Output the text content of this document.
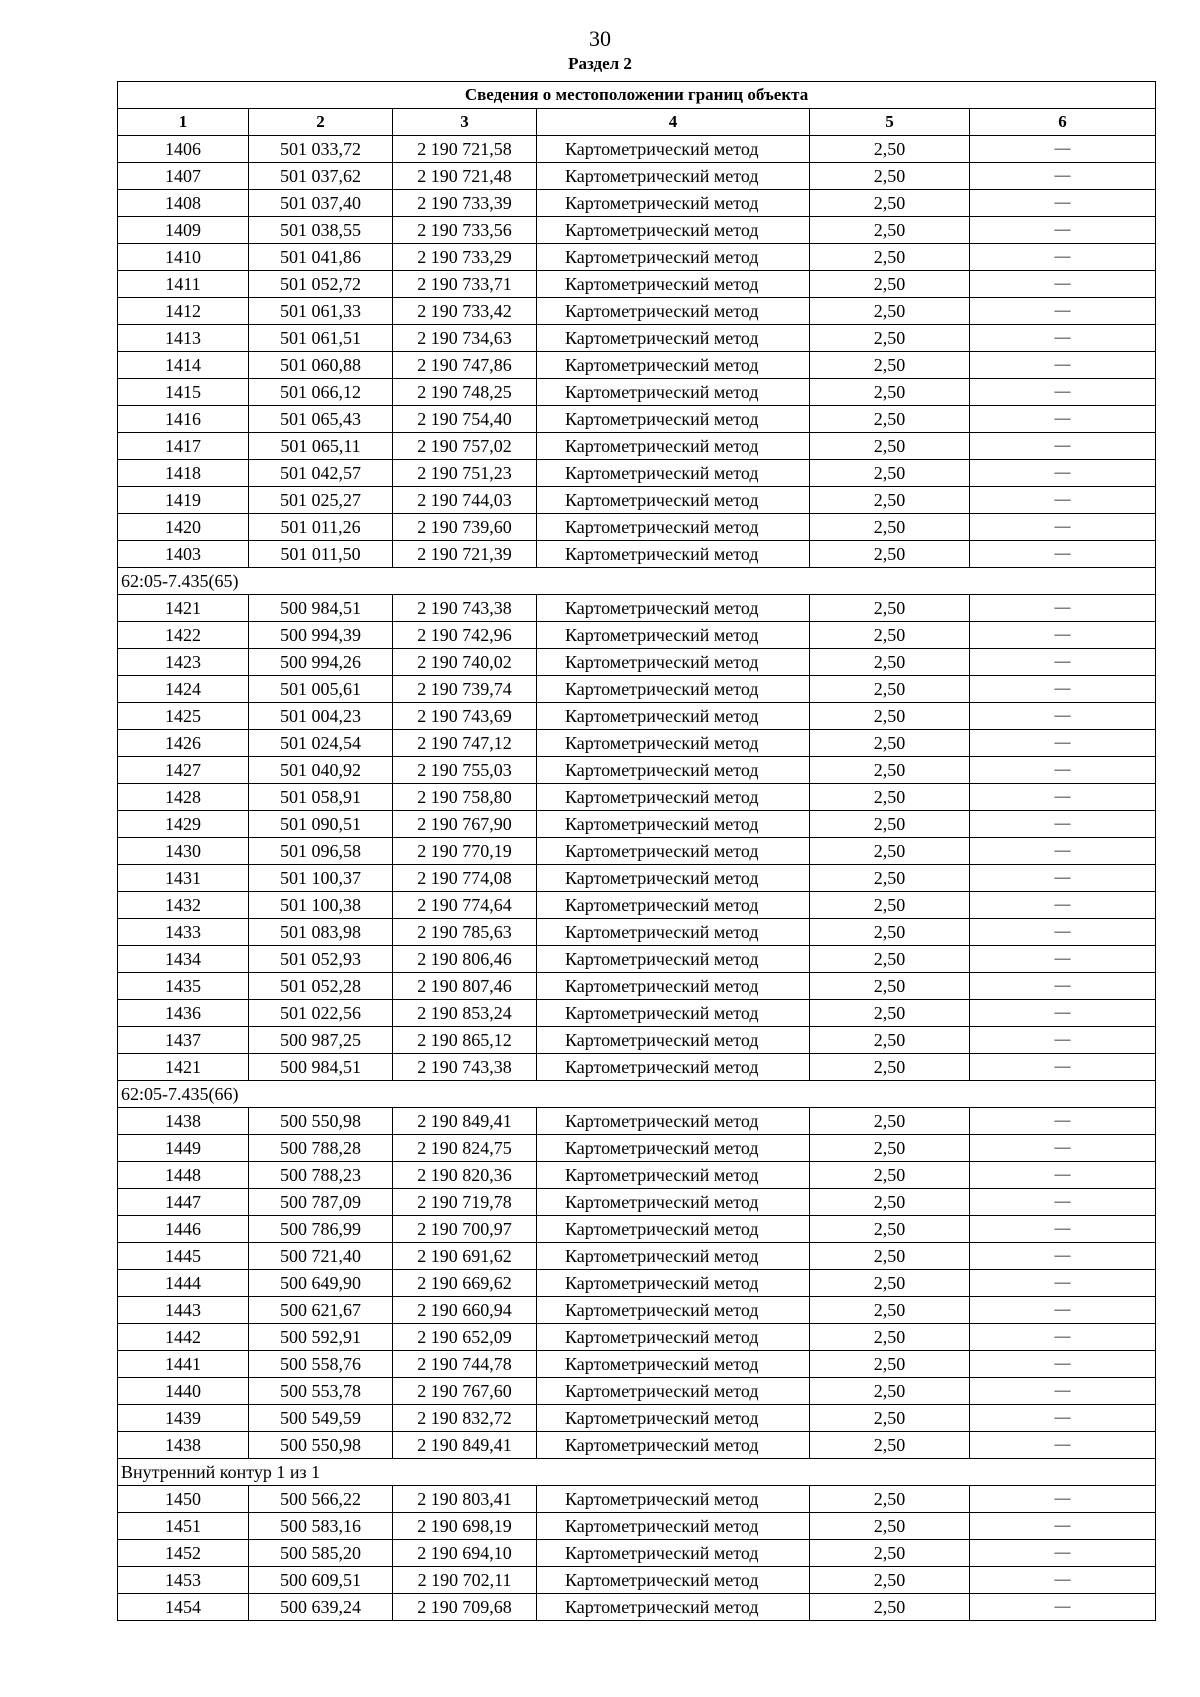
30
Раздел 2
Сведения о местоположении границ объекта					
1	2	3	4	5	6
1406	501 033,72	2 190 721,58	Картометрический метод	2,50	—
1407	501 037,62	2 190 721,48	Картометрический метод	2,50	—
1408	501 037,40	2 190 733,39	Картометрический метод	2,50	—
1409	501 038,55	2 190 733,56	Картометрический метод	2,50	—
1410	501 041,86	2 190 733,29	Картометрический метод	2,50	—
1411	501 052,72	2 190 733,71	Картометрический метод	2,50	—
1412	501 061,33	2 190 733,42	Картометрический метод	2,50	—
1413	501 061,51	2 190 734,63	Картометрический метод	2,50	—
1414	501 060,88	2 190 747,86	Картометрический метод	2,50	—
1415	501 066,12	2 190 748,25	Картометрический метод	2,50	—
1416	501 065,43	2 190 754,40	Картометрический метод	2,50	—
1417	501 065,11	2 190 757,02	Картометрический метод	2,50	—
1418	501 042,57	2 190 751,23	Картометрический метод	2,50	—
1419	501 025,27	2 190 744,03	Картометрический метод	2,50	—
1420	501 011,26	2 190 739,60	Картометрический метод	2,50	—
1403	501 011,50	2 190 721,39	Картометрический метод	2,50	—
62:05-7.435(65)					
1421	500 984,51	2 190 743,38	Картометрический метод	2,50	—
1422	500 994,39	2 190 742,96	Картометрический метод	2,50	—
1423	500 994,26	2 190 740,02	Картометрический метод	2,50	—
1424	501 005,61	2 190 739,74	Картометрический метод	2,50	—
1425	501 004,23	2 190 743,69	Картометрический метод	2,50	—
1426	501 024,54	2 190 747,12	Картометрический метод	2,50	—
1427	501 040,92	2 190 755,03	Картометрический метод	2,50	—
1428	501 058,91	2 190 758,80	Картометрический метод	2,50	—
1429	501 090,51	2 190 767,90	Картометрический метод	2,50	—
1430	501 096,58	2 190 770,19	Картометрический метод	2,50	—
1431	501 100,37	2 190 774,08	Картометрический метод	2,50	—
1432	501 100,38	2 190 774,64	Картометрический метод	2,50	—
1433	501 083,98	2 190 785,63	Картометрический метод	2,50	—
1434	501 052,93	2 190 806,46	Картометрический метод	2,50	—
1435	501 052,28	2 190 807,46	Картометрический метод	2,50	—
1436	501 022,56	2 190 853,24	Картометрический метод	2,50	—
1437	500 987,25	2 190 865,12	Картометрический метод	2,50	—
1421	500 984,51	2 190 743,38	Картометрический метод	2,50	—
62:05-7.435(66)					
1438	500 550,98	2 190 849,41	Картометрический метод	2,50	—
1449	500 788,28	2 190 824,75	Картометрический метод	2,50	—
1448	500 788,23	2 190 820,36	Картометрический метод	2,50	—
1447	500 787,09	2 190 719,78	Картометрический метод	2,50	—
1446	500 786,99	2 190 700,97	Картометрический метод	2,50	—
1445	500 721,40	2 190 691,62	Картометрический метод	2,50	—
1444	500 649,90	2 190 669,62	Картометрический метод	2,50	—
1443	500 621,67	2 190 660,94	Картометрический метод	2,50	—
1442	500 592,91	2 190 652,09	Картометрический метод	2,50	—
1441	500 558,76	2 190 744,78	Картометрический метод	2,50	—
1440	500 553,78	2 190 767,60	Картометрический метод	2,50	—
1439	500 549,59	2 190 832,72	Картометрический метод	2,50	—
1438	500 550,98	2 190 849,41	Картометрический метод	2,50	—
Внутренний контур 1 из 1					
1450	500 566,22	2 190 803,41	Картометрический метод	2,50	—
1451	500 583,16	2 190 698,19	Картометрический метод	2,50	—
1452	500 585,20	2 190 694,10	Картометрический метод	2,50	—
1453	500 609,51	2 190 702,11	Картометрический метод	2,50	—
1454	500 639,24	2 190 709,68	Картометрический метод	2,50	—
